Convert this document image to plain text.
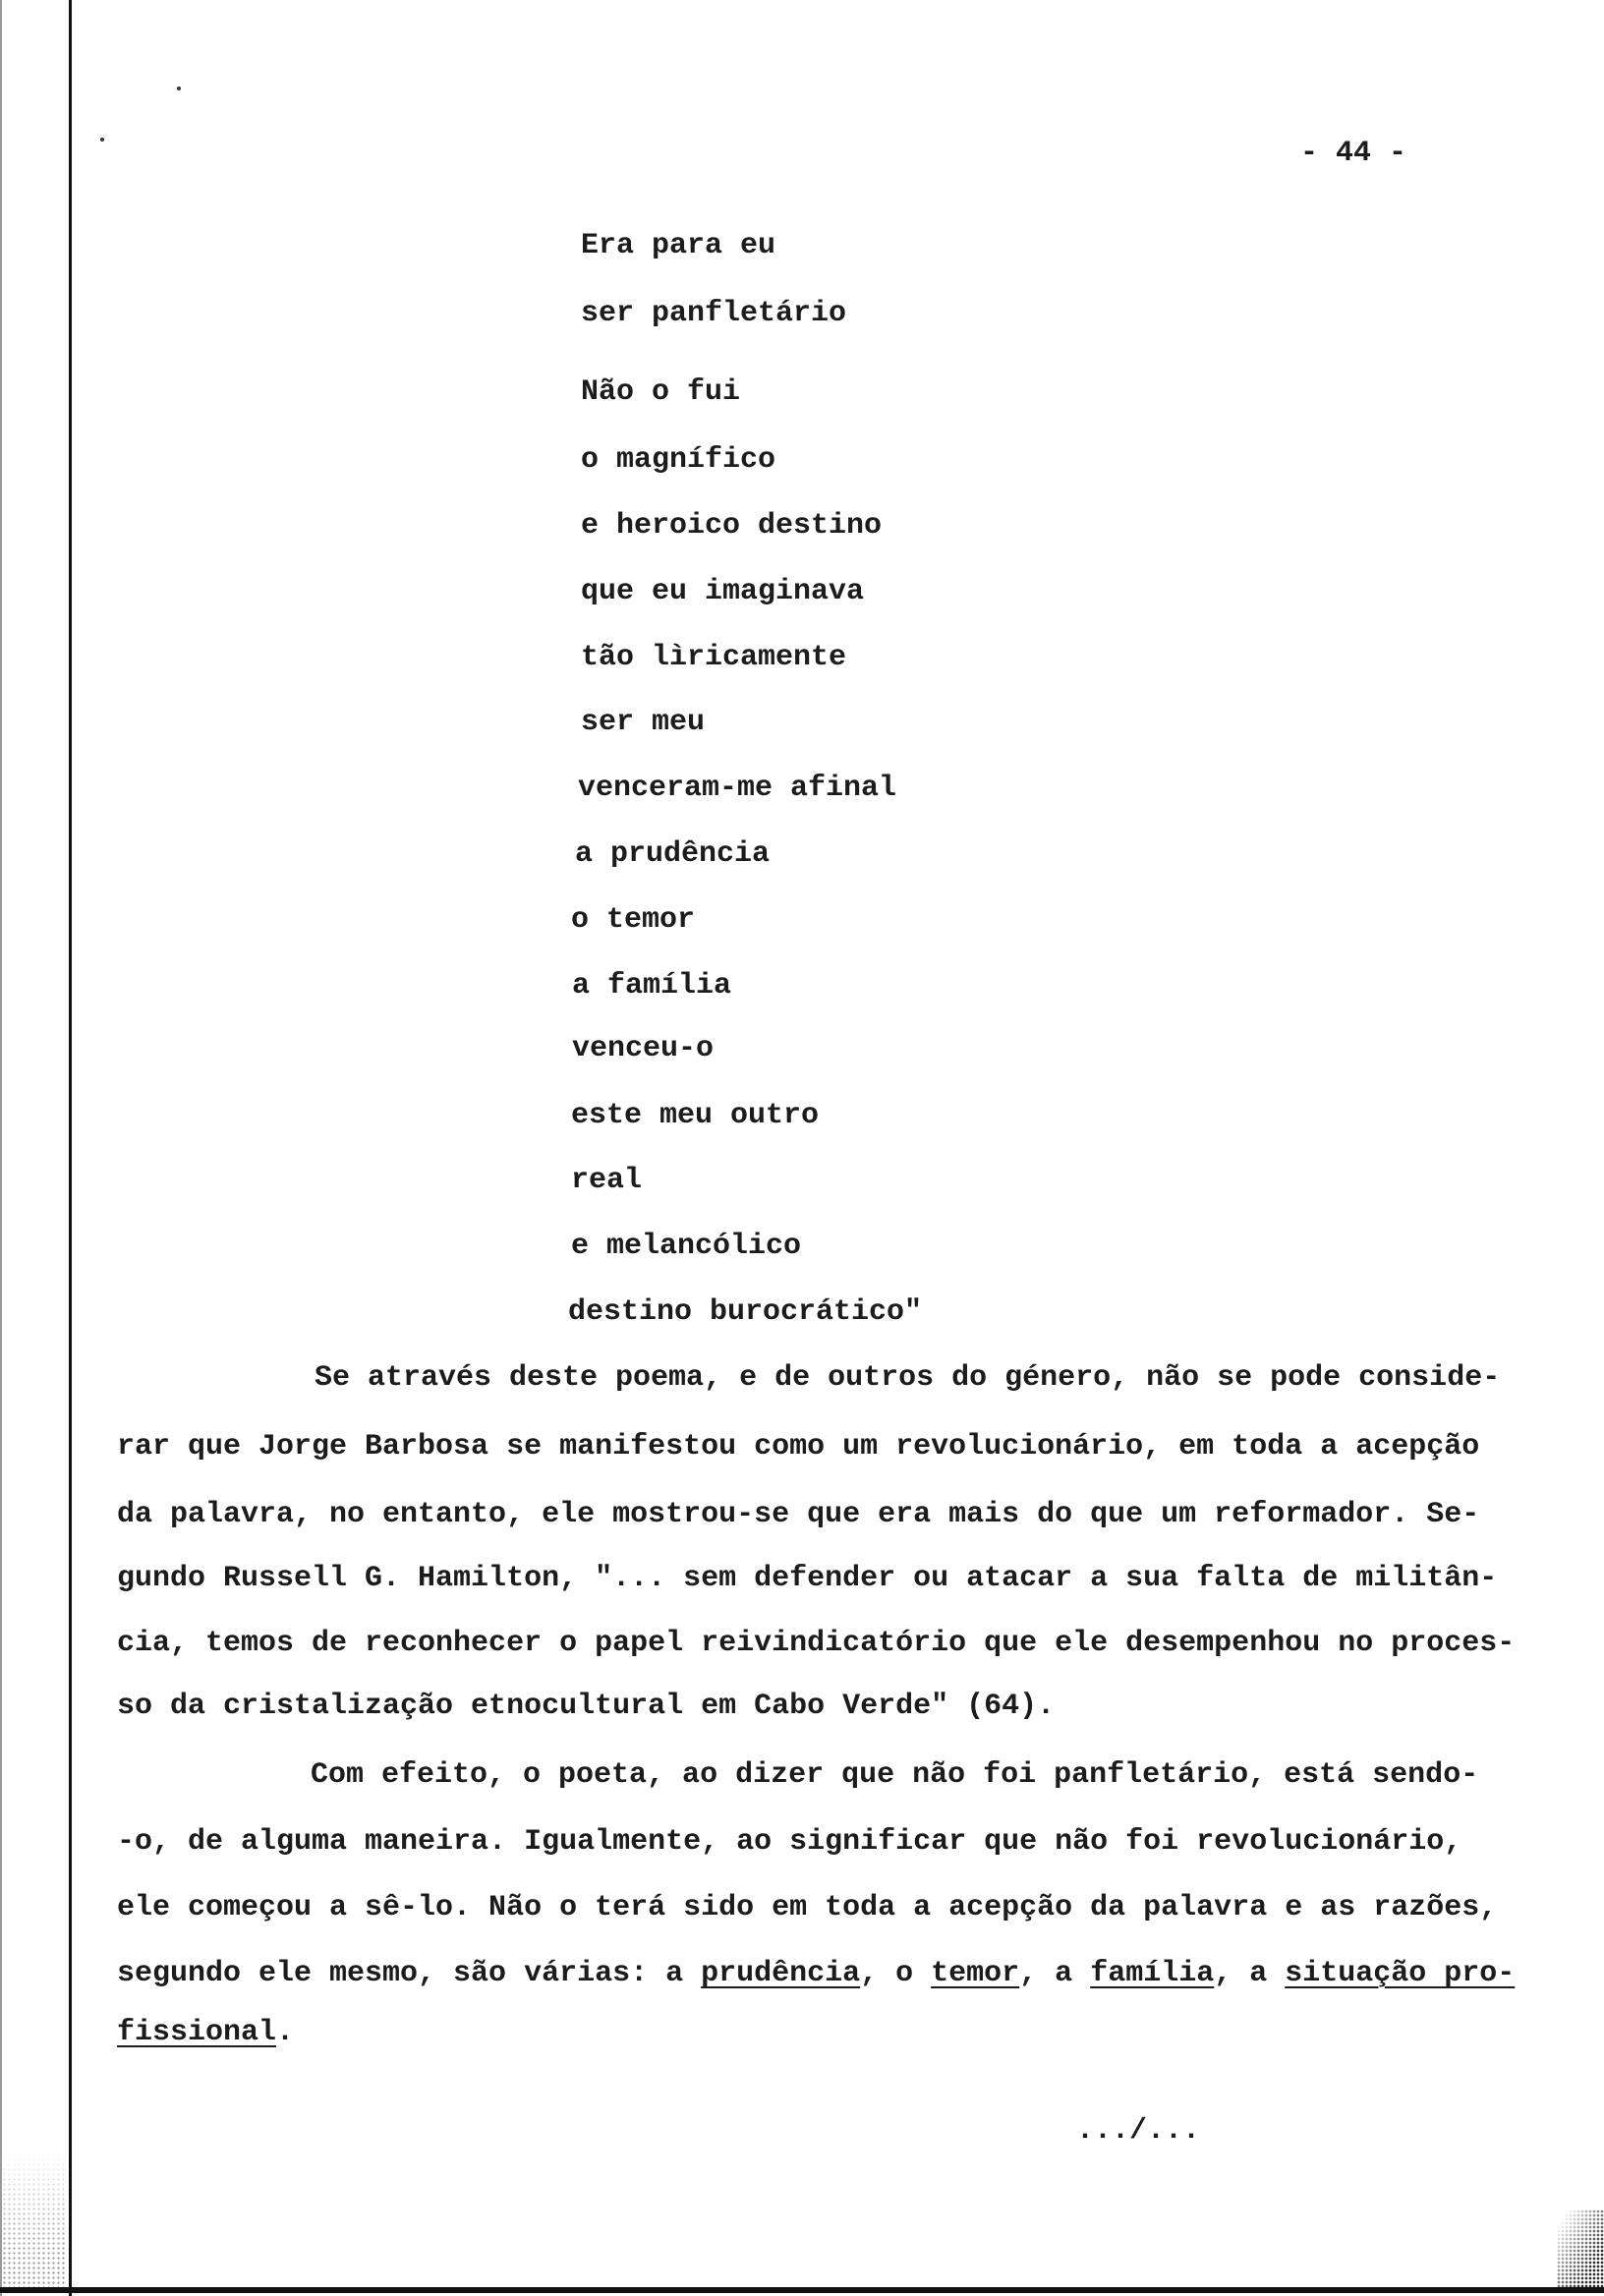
- 44 -
Era para eu
ser panfletário
Não o fui
o magnífico
e heroico destino
que eu imaginava
tão lìricamente
ser meu
venceram-me afinal
a prudência
o temor
a família
venceu-o
este meu outro
real
e melancólico
destino burocrático"
Se através deste poema, e de outros do género, não se pode conside-
rar que Jorge Barbosa se manifestou como um revolucionário, em toda a acepção
da palavra, no entanto, ele mostrou-se que era mais do que um reformador. Se-
gundo Russell G. Hamilton, "... sem defender ou atacar a sua falta de militân-
cia, temos de reconhecer o papel reivindicatório que ele desempenhou no proces-
so da cristalização etnocultural em Cabo Verde" (64).
Com efeito, o poeta, ao dizer que não foi panfletário, está sendo-
-o, de alguma maneira. Igualmente, ao significar que não foi revolucionário,
ele começou a sê-lo. Não o terá sido em toda a acepção da palavra e as razões,
segundo ele mesmo, são várias: a prudência, o temor, a família, a situação pro-
fissional.
.../...
